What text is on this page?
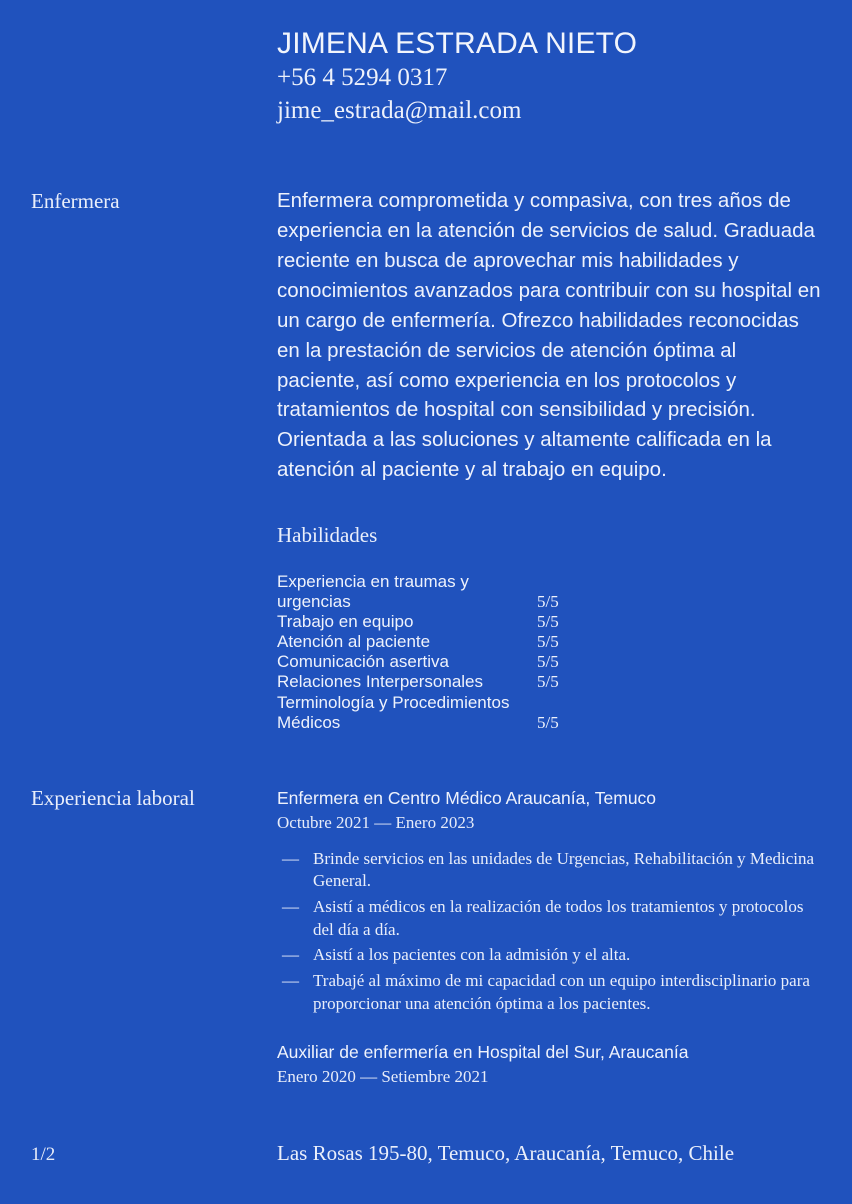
JIMENA ESTRADA NIETO

+56 4 5294 0317

jime_estrada@mail.com

Enfermera	Enfermera comprometida y compasiva, con tres años de experiencia en la atención de servicios de salud. Graduada reciente en busca de aprovechar mis habilidades y conocimientos avanzados para contribuir con su hospital en un cargo de enfermería. Ofrezco habilidades reconocidas en la prestación de servicios de atención óptima al paciente, así como experiencia en los protocolos y tratamientos de hospital con sensibilidad y precisión. Orientada a las soluciones y altamente calificada en la atención al paciente y al trabajo en equipo.

Habilidades

Experiencia en traumas y urgencias	5/5
Trabajo en equipo	5/5
Atención al paciente	5/5
Comunicación asertiva	5/5
Relaciones Interpersonales	5/5
Terminología y Procedimientos Médicos	5/5

Experiencia laboral	Enfermera en Centro Médico Araucanía, Temuco

Octubre 2021 — Enero 2023

— Brinde servicios en las unidades de Urgencias, Rehabilitación y Medicina General.
— Asistí a médicos en la realización de todos los tratamientos y protocolos del día a día.
— Asistí a los pacientes con la admisión y el alta.
— Trabajé al máximo de mi capacidad con un equipo interdisciplinario para proporcionar una atención óptima a los pacientes.

Auxiliar de enfermería en Hospital del Sur, Araucanía

Enero 2020 — Setiembre 2021

1/2	Las Rosas 195-80, Temuco, Araucanía, Temuco, Chile
